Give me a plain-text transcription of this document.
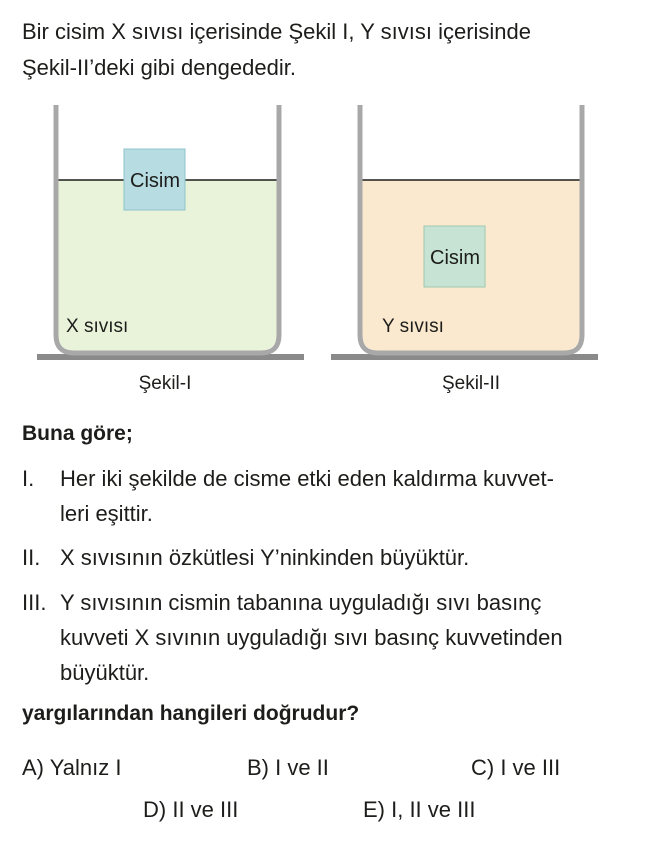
Bir cisim X sıvısı içerisinde Şekil I, Y sıvısı içerisinde
Şekil-II’deki gibi dengededir.
Cisim
X sıvısı
Şekil-I
Cisim
Y sıvısı
Şekil-II
Buna göre;
I. Her iki şekilde de cisme etki eden kaldırma kuvvet-
leri eşittir.
II. X sıvısının özkütlesi Y’ninkinden büyüktür.
III. Y sıvısının cismin tabanına uyguladığı sıvı basınç
kuvveti X sıvının uyguladığı sıvı basınç kuvvetinden
büyüktür.
yargılarından hangileri doğrudur?
A) Yalnız I	B) I ve II	C) I ve III
D) II ve III	E) I, II ve III
